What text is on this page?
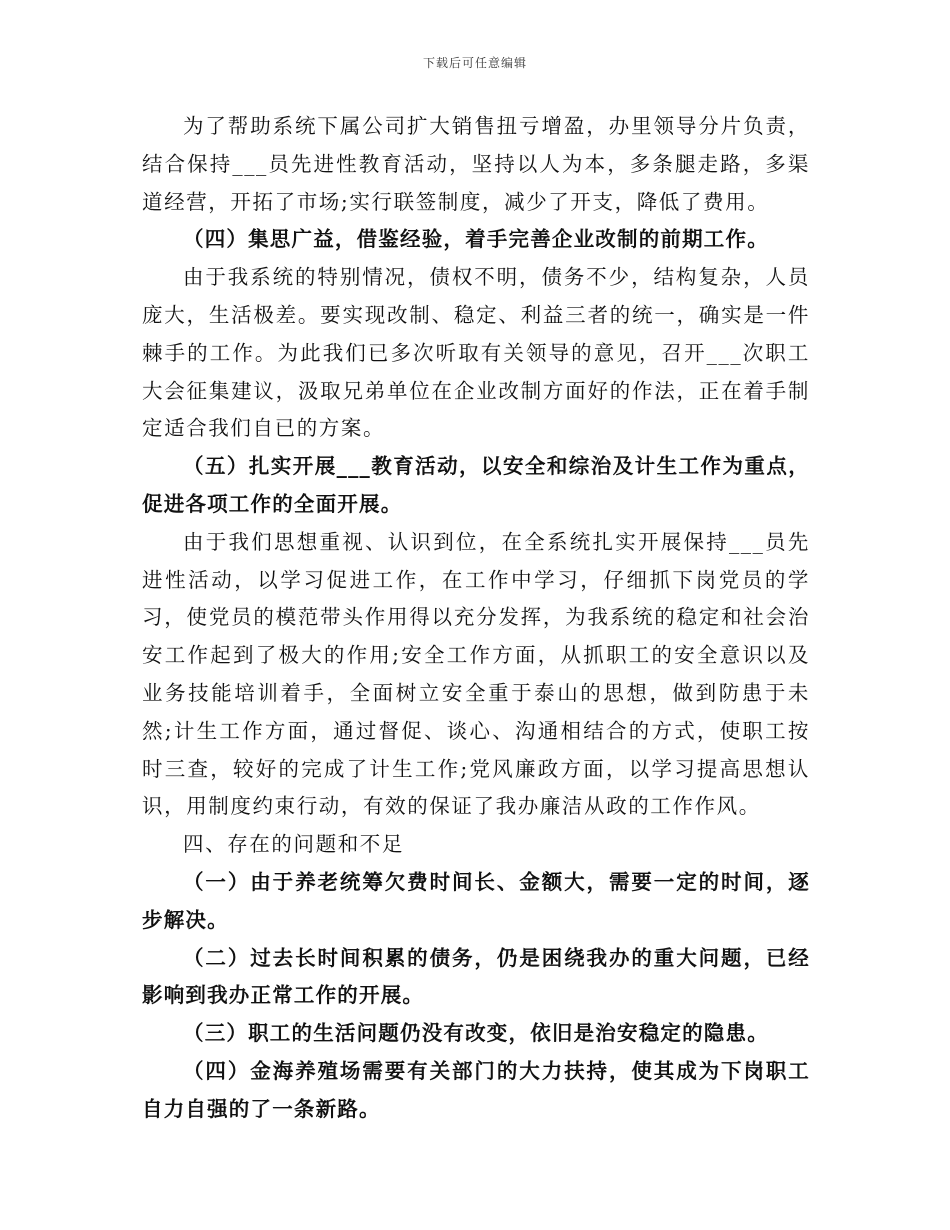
下载后可任意编辑

为了帮助系统下属公司扩大销售扭亏增盈，办里领导分片负责，结合保持___员先进性教育活动，坚持以人为本，多条腿走路，多渠道经营，开拓了市场;实行联签制度，减少了开支，降低了费用。

（四）集思广益，借鉴经验，着手完善企业改制的前期工作。

由于我系统的特别情况，债权不明，债务不少，结构复杂，人员庞大，生活极差。要实现改制、稳定、利益三者的统一，确实是一件棘手的工作。为此我们已多次听取有关领导的意见，召开___次职工大会征集建议，汲取兄弟单位在企业改制方面好的作法，正在着手制定适合我们自已的方案。

（五）扎实开展___教育活动，以安全和综治及计生工作为重点，促进各项工作的全面开展。

由于我们思想重视、认识到位，在全系统扎实开展保持___员先进性活动，以学习促进工作，在工作中学习，仔细抓下岗党员的学习，使党员的模范带头作用得以充分发挥，为我系统的稳定和社会治安工作起到了极大的作用;安全工作方面，从抓职工的安全意识以及业务技能培训着手，全面树立安全重于泰山的思想，做到防患于未然;计生工作方面，通过督促、谈心、沟通相结合的方式，使职工按时三查，较好的完成了计生工作;党风廉政方面，以学习提高思想认识，用制度约束行动，有效的保证了我办廉洁从政的工作作风。

四、存在的问题和不足

（一）由于养老统筹欠费时间长、金额大，需要一定的时间，逐步解决。

（二）过去长时间积累的债务，仍是困绕我办的重大问题，已经影响到我办正常工作的开展。

（三）职工的生活问题仍没有改变，依旧是治安稳定的隐患。

（四）金海养殖场需要有关部门的大力扶持，使其成为下岗职工自力自强的了一条新路。
